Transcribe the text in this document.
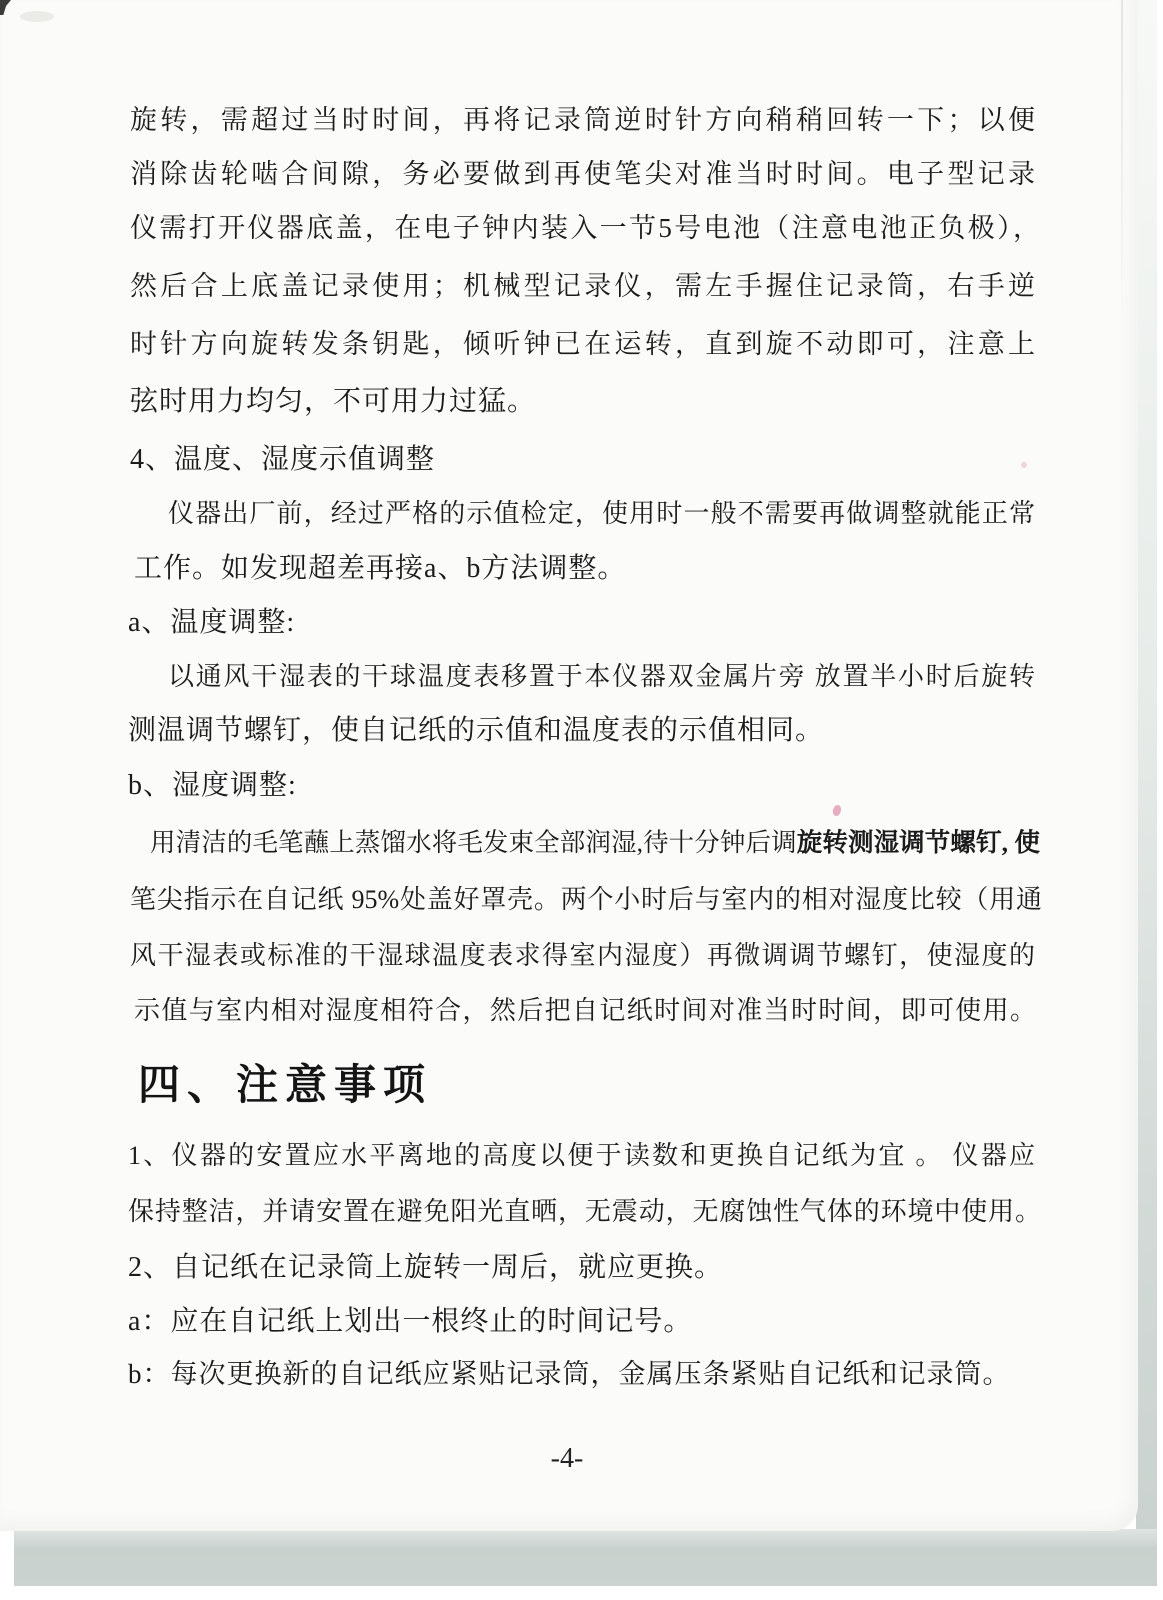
旋转，需超过当时时间，再将记录筒逆时针方向稍稍回转一下；以便
消除齿轮啮合间隙，务必要做到再使笔尖对准当时时间。电子型记录
仪需打开仪器底盖，在电子钟内装入一节5号电池（注意电池正负极），
然后合上底盖记录使用；机械型记录仪，需左手握住记录筒，右手逆
时针方向旋转发条钥匙，倾听钟已在运转，直到旋不动即可，注意上
弦时用力均匀，不可用力过猛。
4、温度、湿度示值调整
仪器出厂前，经过严格的示值检定，使用时一般不需要再做调整就能正常
工作。如发现超差再接a、b方法调整。
a、温度调整:
以通风干湿表的干球温度表移置于本仪器双金属片旁 放置半小时后旋转
测温调节螺钉，使自记纸的示值和温度表的示值相同。
b、湿度调整:
用清洁的毛笔蘸上蒸馏水将毛发束全部润湿,待十分钟后调旋转测湿调节螺钉, 使
笔尖指示在自记纸 95%处盖好罩壳。两个小时后与室内的相对湿度比较（用通
风干湿表或标准的干湿球温度表求得室内湿度）再微调调节螺钉，使湿度的
示值与室内相对湿度相符合，然后把自记纸时间对准当时时间，即可使用。
四、注意事项
1、仪器的安置应水平离地的高度以便于读数和更换自记纸为宜 。 仪器应
保持整洁，并请安置在避免阳光直晒，无震动，无腐蚀性气体的环境中使用。
2、自记纸在记录筒上旋转一周后，就应更换。
a：应在自记纸上划出一根终止的时间记号。
b：每次更换新的自记纸应紧贴记录筒，金属压条紧贴自记纸和记录筒。
-4-
